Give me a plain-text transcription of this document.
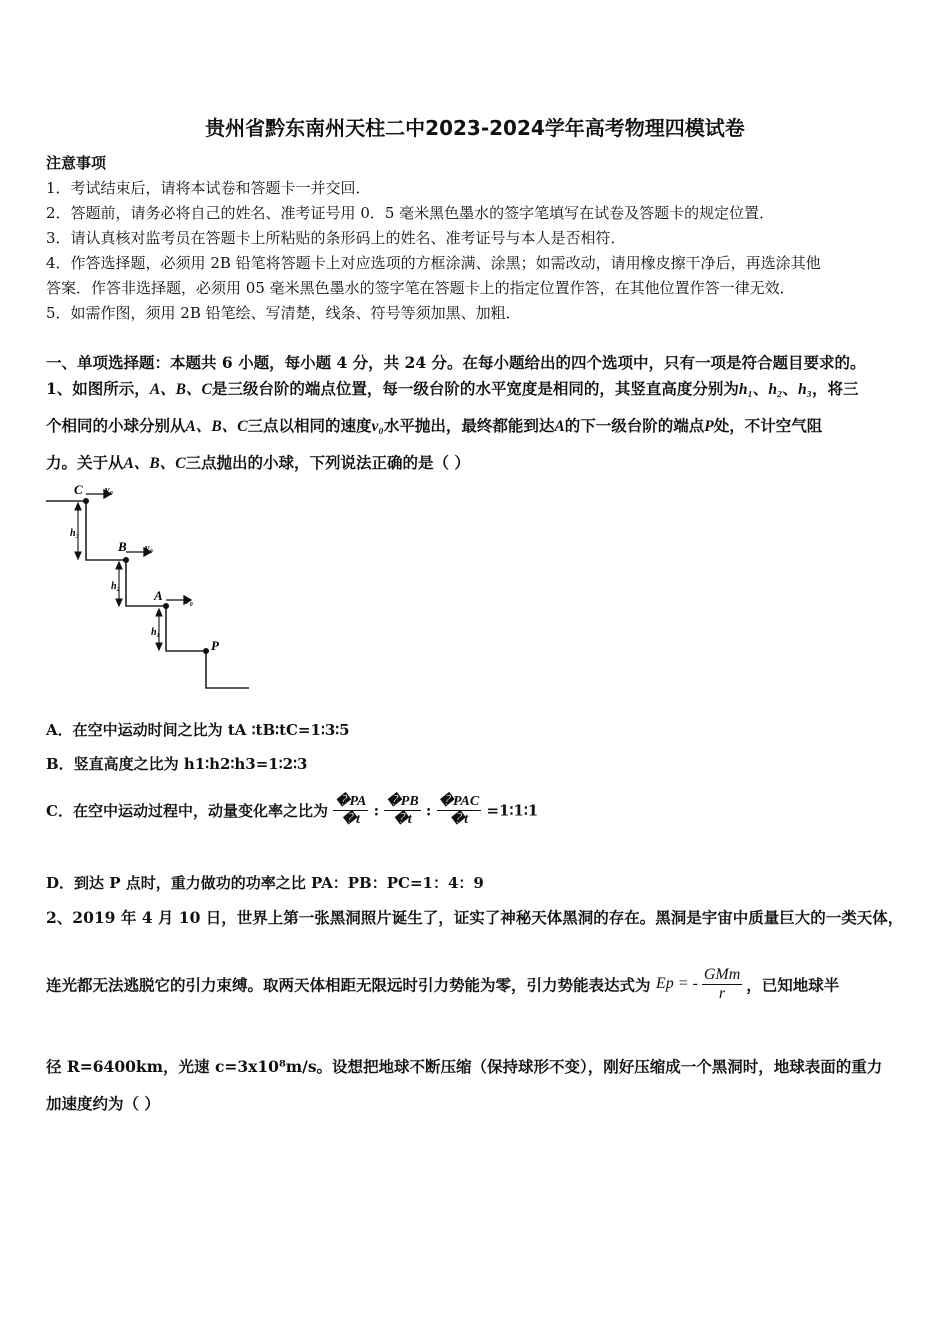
贵州省黔东南州天柱二中2023-2024学年高考物理四模试卷
注意事项
1．考试结束后，请将本试卷和答题卡一并交回．
2．答题前，请务必将自己的姓名、准考证号用 0．5 毫米黑色墨水的签字笔填写在试卷及答题卡的规定位置．
3．请认真核对监考员在答题卡上所粘贴的条形码上的姓名、准考证号与本人是否相符．
4．作答选择题，必须用 2B 铅笔将答题卡上对应选项的方框涂满、涂黑；如需改动，请用橡皮擦干净后，再选涂其他
答案．作答非选择题，必须用 05 毫米黑色墨水的签字笔在答题卡上的指定位置作答，在其他位置作答一律无效．
5．如需作图，须用 2B 铅笔绘、写清楚，线条、符号等须加黑、加粗．
一、单项选择题：本题共 6 小题，每小题 4 分，共 24 分。在每小题给出的四个选项中，只有一项是符合题目要求的。
1、如图所示，A、B、C是三级台阶的端点位置，每一级台阶的水平宽度是相同的，其竖直高度分别为h₁、h₂、h₃，将三
个相同的小球分别从A、B、C三点以相同的速度v₀水平抛出，最终都能到达A的下一级台阶的端点P处，不计空气阻
力。关于从A、B、C三点抛出的小球，下列说法正确的是（ ）
C v₀
B v₀
A v₀
P
h₃
h₂
h₁
A．在空中运动时间之比为 tA ∶tB∶tC=1∶3∶5
B．竖直高度之比为 h1∶h2∶h3=1∶2∶3
C．在空中运动过程中，动量变化率之比为 $\frac{�PA}{�t}$ : $\frac{�PB}{�t}$ : $\frac{\text{�PAC}}{�t}$ =1∶1∶1
D．到达 P 点时，重力做功的功率之比 PA：PB：PC=1：4：9
2、2019 年 4 月 10 日，世界上第一张黑洞照片诞生了，证实了神秘天体黑洞的存在。黑洞是宇宙中质量巨大的一类天体，
连光都无法逃脱它的引力束缚。取两天体相距无限远时引力势能为零，引力势能表达式为 Ep = - $\frac{\text{GMm}}{r}$ ，已知地球半
径 R=6400km，光速 c=3x10⁸m/s。设想把地球不断压缩（保持球形不变），刚好压缩成一个黑洞时，地球表面的重力
加速度约为（ ）
